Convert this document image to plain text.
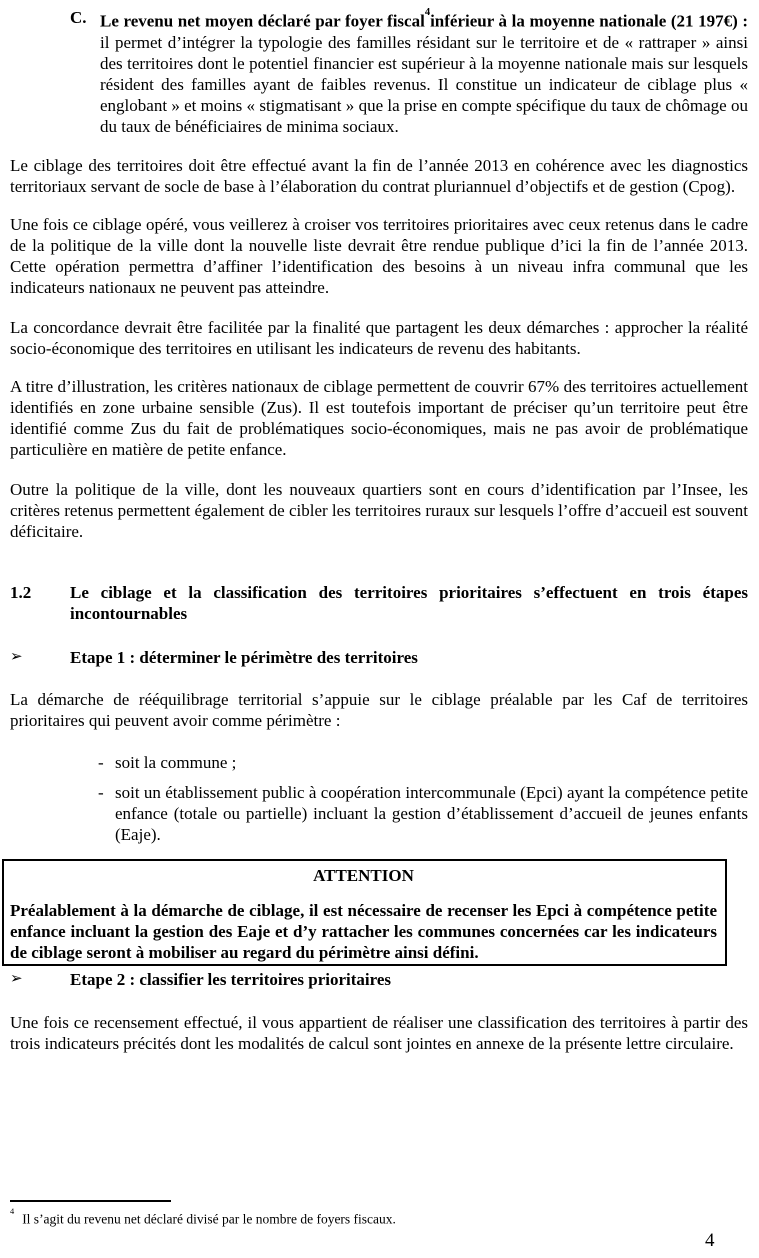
C. Le revenu net moyen déclaré par foyer fiscal$^4$inférieur à la moyenne nationale (21 197€) : il permet d’intégrer la typologie des familles résidant sur le territoire et de « rattraper » ainsi des territoires dont le potentiel financier est supérieur à la moyenne nationale mais sur lesquels résident des familles ayant de faibles revenus. Il constitue un indicateur de ciblage plus « englobant » et moins « stigmatisant » que la prise en compte spécifique du taux de chômage ou du taux de bénéficiaires de minima sociaux.

Le ciblage des territoires doit être effectué avant la fin de l’année 2013 en cohérence avec les diagnostics territoriaux servant de socle de base à l’élaboration du contrat pluriannuel d’objectifs et de gestion (Cpog).

Une fois ce ciblage opéré, vous veillerez à croiser vos territoires prioritaires avec ceux retenus dans le cadre de la politique de la ville dont la nouvelle liste devrait être rendue publique d’ici la fin de l’année 2013. Cette opération permettra d’affiner l’identification des besoins à un niveau infra communal que les indicateurs nationaux ne peuvent pas atteindre.

La concordance devrait être facilitée par la finalité que partagent les deux démarches : approcher la réalité socio-économique des territoires en utilisant les indicateurs de revenu des habitants.

A titre d’illustration, les critères nationaux de ciblage permettent de couvrir 67% des territoires actuellement identifiés en zone urbaine sensible (Zus). Il est toutefois important de préciser qu’un territoire peut être identifié comme Zus du fait de problématiques socio-économiques, mais ne pas avoir de problématique particulière en matière de petite enfance.

Outre la politique de la ville, dont les nouveaux quartiers sont en cours d’identification par l’Insee, les critères retenus permettent également de cibler les territoires ruraux sur lesquels l’offre d’accueil est souvent déficitaire.

1.2	Le ciblage et la classification des territoires prioritaires s’effectuent en trois étapes incontournables
➢	Etape 1 : déterminer le périmètre des territoires

La démarche de rééquilibrage territorial s’appuie sur le ciblage préalable par les Caf de territoires prioritaires qui peuvent avoir comme périmètre :

- soit la commune ;
- soit un établissement public à coopération intercommunale (Epci) ayant la compétence petite enfance (totale ou partielle) incluant la gestion d’établissement d’accueil de jeunes enfants (Eaje).
ATTENTION
Préalablement à la démarche de ciblage, il est nécessaire de recenser les Epci à compétence petite enfance incluant la gestion des Eaje et d’y rattacher les communes concernées car les indicateurs de ciblage seront à mobiliser au regard du périmètre ainsi défini.
➢	Etape 2 : classifier les territoires prioritaires

Une fois ce recensement effectué, il vous appartient de réaliser une classification des territoires à partir des trois indicateurs précités dont les modalités de calcul sont jointes en annexe de la présente lettre circulaire.

$^4$Il s’agit du revenu net déclaré divisé par le nombre de foyers fiscaux.
4
